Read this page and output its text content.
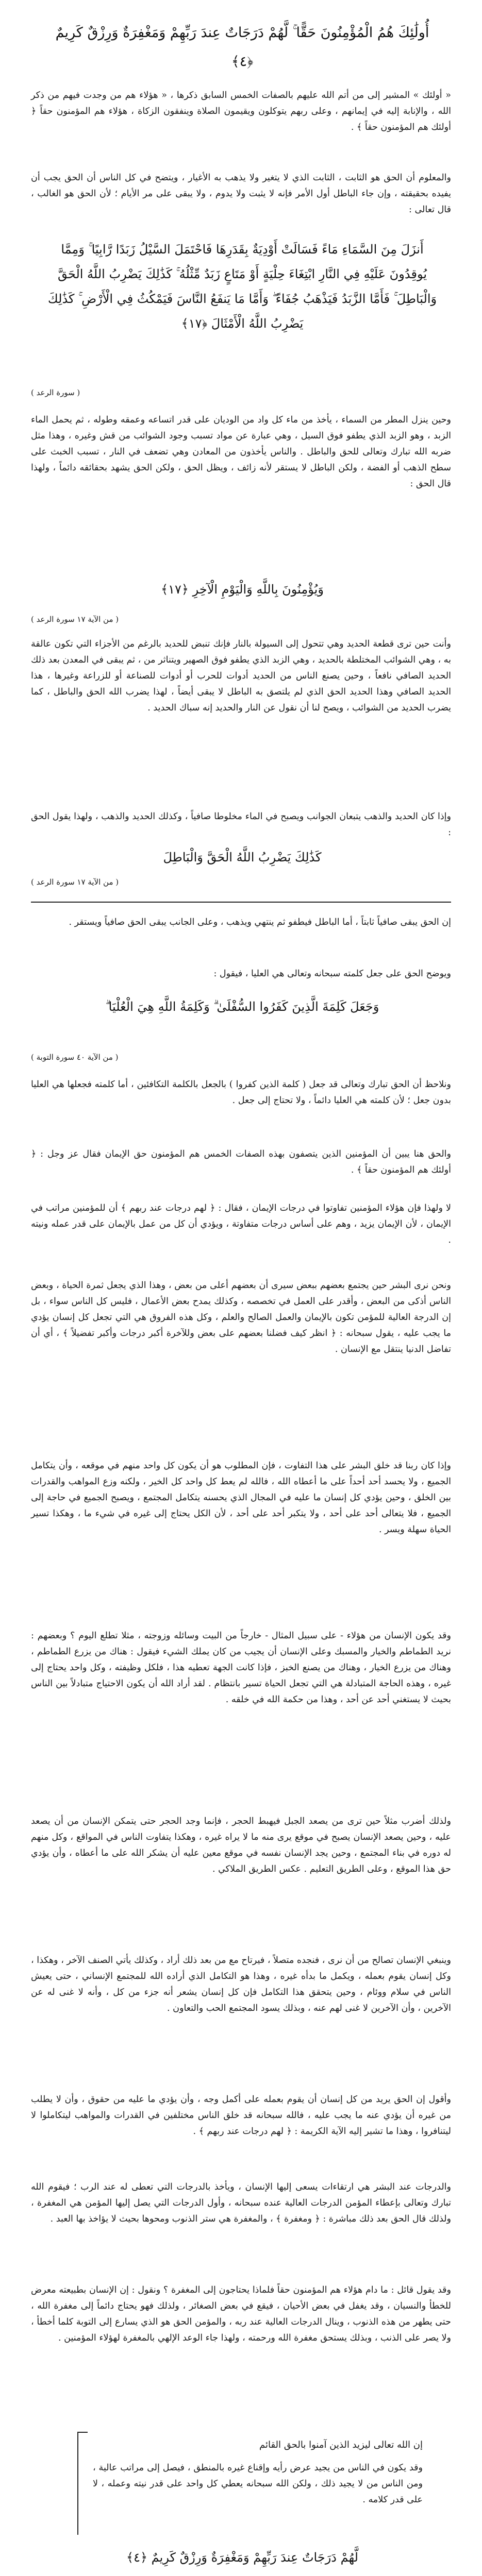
أُولَٰئِكَ هُمُ الْمُؤْمِنُونَ حَقًّا ۚ لَّهُمْ دَرَجَاتٌ عِندَ رَبِّهِمْ وَمَغْفِرَةٌ وَرِزْقٌ كَرِيمٌ ﴿٤﴾
« أولئك » المشير إلى من أتم الله عليهم بالصفات الخمس السابق ذكرها ، « هؤلاء هم من وجدت فيهم من ذكر الله ، والإنابة إليه في إيمانهم ، وعلى ربهم يتوكلون ويقيمون الصلاة وينفقون الزكاة ، هؤلاء هم المؤمنون حقاً ﴿ أولئك هم المؤمنون حقاً ﴾ .
والمعلوم أن الحق هو الثابت ، الثابت الذي لا يتغير ولا يذهب به الأغيار ، ويتضح في كل الناس أن الحق يجب أن يفيده بحقيقته ، وإن جاء الباطل أول الأمر فإنه لا يثبت ولا يدوم ، ولا يبقى على مر الأيام ؛ لأن الحق هو الغالب ، قال تعالى :
أَنزَلَ مِنَ السَّمَاءِ مَاءً فَسَالَتْ أَوْدِيَةٌ بِقَدَرِهَا فَاحْتَمَلَ السَّيْلُ زَبَدًا رَّابِيًا ۚ وَمِمَّا يُوقِدُونَ عَلَيْهِ فِي النَّارِ ابْتِغَاءَ حِلْيَةٍ أَوْ مَتَاعٍ زَبَدٌ مِّثْلُهُ ۚ كَذَٰلِكَ يَضْرِبُ اللَّهُ الْحَقَّ وَالْبَاطِلَ ۚ فَأَمَّا الزَّبَدُ فَيَذْهَبُ جُفَاءً ۖ وَأَمَّا مَا يَنفَعُ النَّاسَ فَيَمْكُثُ فِي الْأَرْضِ ۚ كَذَٰلِكَ يَضْرِبُ اللَّهُ الْأَمْثَالَ ﴿١٧﴾
( سورة الرعد )
وحين ينزل المطر من السماء ، يأخذ من ماء كل واد من الوديان على قدر اتساعه وعمقه وطوله ، ثم يحمل الماء الزبد ، وهو الزبد الذي يطفو فوق السيل ، وهي عبارة عن مواد تسبب وجود الشوائب من قش وغيره ، وهذا مثل ضربه الله تبارك وتعالى للحق والباطل . والناس يأخذون من المعادن وهي تضعف في النار ، تسبب الخبث على سطح الذهب أو الفضة ، ولكن الباطل لا يستقر لأنه زائف ، ويظل الحق ، ولكن الحق يشهد بحقائقه دائماً ، ولهذا قال الحق :
وَيُؤْمِنُونَ بِاللَّهِ وَالْيَوْمِ الْآخِرِ ﴿١٧﴾
( من الآية ١٧ سورة الرعد )
وأنت حين ترى قطعة الحديد وهي تتحول إلى السيولة بالنار فإنك تنبض للحديد بالرغم من الأجزاء التي تكون عالقة به ، وهي الشوائب المختلطة بالحديد ، وهي الزبد الذي يطفو فوق الصهير ويتناثر من ، ثم يبقى في المعدن بعد ذلك الحديد الصافي نافعاً ، وحين يصنع الناس من الحديد أدوات للحرب أو أدوات للصناعة أو للزراعة وغيرها ، هذا الحديد الصافي وهذا الحديد الحق الذي لم يلتصق به الباطل لا يبقى أيضاً ، لهذا يضرب الله الحق والباطل ، كما يضرب الحديد من الشوائب ، ويصح لنا أن نقول عن النار والحديد إنه سباك الحديد .
وإذا كان الحديد والذهب يتبعان الجوانب ويصبح في الماء مخلوطا صافياً ، وكذلك الحديد والذهب ، ولهذا يقول الحق :
كَذَٰلِكَ يَضْرِبُ اللَّهُ الْحَقَّ وَالْبَاطِلَ
( من الآية ١٧ سورة الرعد )
إن الحق يبقى صافياً ثابتاً ، أما الباطل فيطفو ثم ينتهي ويذهب ، وعلى الجانب يبقى الحق صافياً ويستقر .
ويوضح الحق على جعل كلمته سبحانه وتعالى هي العليا ، فيقول :
وَجَعَلَ كَلِمَةَ الَّذِينَ كَفَرُوا السُّفْلَىٰ ۗ وَكَلِمَةُ اللَّهِ هِيَ الْعُلْيَا ۗ
( من الآية ٤٠ سورة التوبة )
ونلاحظ أن الحق تبارك وتعالى قد جعل ( كلمة الذين كفروا ) بالجعل بالكلمة التكافئين ، أما كلمته فجعلها هي العليا بدون جعل ؛ لأن كلمته هي العليا دائماً ، ولا تحتاج إلى جعل .
والحق هنا يبين أن المؤمنين الذين يتصفون بهذه الصفات الخمس هم المؤمنون حق الإيمان فقال عز وجل : ﴿ أولئك هم المؤمنون حقاً ﴾ .
لا ولهذا فإن هؤلاء المؤمنين تفاوتوا في درجات الإيمان ، فقال : ﴿ لهم درجات عند ربهم ﴾ أن للمؤمنين مراتب في الإيمان ، لأن الإيمان يزيد ، وهم على أساس درجات متفاوتة ، ويؤدي أن كل من عمل بالإيمان على قدر عمله ونيته .
ونحن نرى البشر حين يجتمع بعضهم ببعض سيرى أن بعضهم أعلى من بعض ، وهذا الذي يجعل ثمرة الحياة ، وبعض الناس أذكى من البعض ، وأقدر على العمل في تخصصه ، وكذلك يمدح بعض الأعمال ، فليس كل الناس سواء ، بل إن الدرجة العالية للمؤمن تكون بالإيمان والعمل الصالح والعلم ، وكل هذه الفروق هي التي تجعل كل إنسان يؤدي ما يجب عليه ، يقول سبحانه : ﴿ انظر كيف فضلنا بعضهم على بعض وللآخرة أكبر درجات وأكبر تفضيلاً ﴾ ، أي أن تفاضل الدنيا ينتقل مع الإنسان .
وإذا كان ربنا قد خلق البشر على هذا التفاوت ، فإن المطلوب هو أن يكون كل واحد منهم في موقعه ، وأن يتكامل الجميع ، ولا يحسد أحد أحداً على ما أعطاه الله ، فالله لم يعط كل واحد كل الخير ، ولكنه وزع المواهب والقدرات بين الخلق ، وحين يؤدي كل إنسان ما عليه في المجال الذي يحسنه يتكامل المجتمع ، ويصبح الجميع في حاجة إلى الجميع ، فلا يتعالى أحد على أحد ، ولا يتكبر أحد على أحد ، لأن الكل يحتاج إلى غيره في شيء ما ، وهكذا تسير الحياة سهلة ويسر .
وقد يكون الإنسان من هؤلاء - على سبيل المثال - خارجاً من البيت وسائله وزوجته ، مثلا تطلع اليوم ؟ وبعضهم : نريد الطماطم والخيار والمسبك وعلى الإنسان أن يجيب من كان يملك الشيء فيقول : هناك من يزرع الطماطم ، وهناك من يزرع الخيار ، وهناك من يصنع الخبز ، فإذا كانت الجهة تعطيه هذا ، فلكل وظيفته ، وكل واحد يحتاج إلى غيره ، وهذه الحاجة المتبادلة هي التي تجعل الحياة تسير بانتظام . لقد أراد الله أن يكون الاحتياج متبادلاً بين الناس بحيث لا يستغني أحد عن أحد ، وهذا من حكمة الله في خلقه .
ولذلك أضرب مثلاً حين ترى من يصعد الجبل فيهبط الحجر ، فإنما وجد الحجر حتى يتمكن الإنسان من أن يصعد عليه ، وحين يصعد الإنسان يصبح في موقع يرى منه ما لا يراه غيره ، وهكذا يتفاوت الناس في المواقع ، وكل منهم له دوره في بناء المجتمع ، وحين يجد الإنسان نفسه في موقع معين عليه أن يشكر الله على ما أعطاه ، وأن يؤدي حق هذا الموقع ، وعلى الطريق التعليم . عكس الطريق الملاكي .
وينبغي الإنسان تصالح من أن نرى ، فنجده متصلاً ، فيرتاح مع من بعد ذلك أراد ، وكذلك يأتي الصنف الآخر ، وهكذا ، وكل إنسان يقوم بعمله ، ويكمل ما بدأه غيره ، وهذا هو التكامل الذي أراده الله للمجتمع الإنساني ، حتى يعيش الناس في سلام ووئام ، وحين يتحقق هذا التكامل فإن كل إنسان يشعر أنه جزء من كل ، وأنه لا غنى له عن الآخرين ، وأن الآخرين لا غنى لهم عنه ، وبذلك يسود المجتمع الحب والتعاون .
وأقول إن الحق يريد من كل إنسان أن يقوم بعمله على أكمل وجه ، وأن يؤدي ما عليه من حقوق ، وأن لا يطلب من غيره أن يؤدي عنه ما يجب عليه ، فالله سبحانه قد خلق الناس مختلفين في القدرات والمواهب ليتكاملوا لا ليتنافروا ، وهذا ما تشير إليه الآية الكريمة : ﴿ لهم درجات عند ربهم ﴾ .
والدرجات عند البشر هي ارتقاءات يسعى إليها الإنسان ، ويأخذ بالدرجات التي تعطى له عند الرب ؛ فيقوم الله تبارك وتعالى بإعطاء المؤمن الدرجات العالية عنده سبحانه ، وأول الدرجات التي يصل إليها المؤمن هي المغفرة ، ولذلك قال الحق بعد ذلك مباشرة : ﴿ ومغفرة ﴾ ، والمغفرة هي ستر الذنوب ومحوها بحيث لا يؤاخذ بها العبد .
وقد يقول قائل : ما دام هؤلاء هم المؤمنون حقاً فلماذا يحتاجون إلى المغفرة ؟ ونقول : إن الإنسان بطبيعته معرض للخطأ والنسيان ، وقد يغفل في بعض الأحيان ، فيقع في بعض الصغائر ، ولذلك فهو يحتاج دائماً إلى مغفرة الله ، حتى يطهر من هذه الذنوب ، وينال الدرجات العالية عند ربه ، والمؤمن الحق هو الذي يسارع إلى التوبة كلما أخطأ ، ولا يصر على الذنب ، وبذلك يستحق مغفرة الله ورحمته ، ولهذا جاء الوعد الإلهي بالمغفرة لهؤلاء المؤمنين .
إن الله تعالى ليزيد الذين آمنوا بالحق القائم
وقد يكون في الناس من يجيد عرض رأيه وإقناع غيره بالمنطق ، فيصل إلى مراتب عالية ، ومن الناس من لا يجيد ذلك ، ولكن الله سبحانه يعطي كل واحد على قدر نيته وعمله ، لا على قدر كلامه .
لَّهُمْ دَرَجَاتٌ عِندَ رَبِّهِمْ وَمَغْفِرَةٌ وَرِزْقٌ كَرِيمٌ ﴿٤﴾
